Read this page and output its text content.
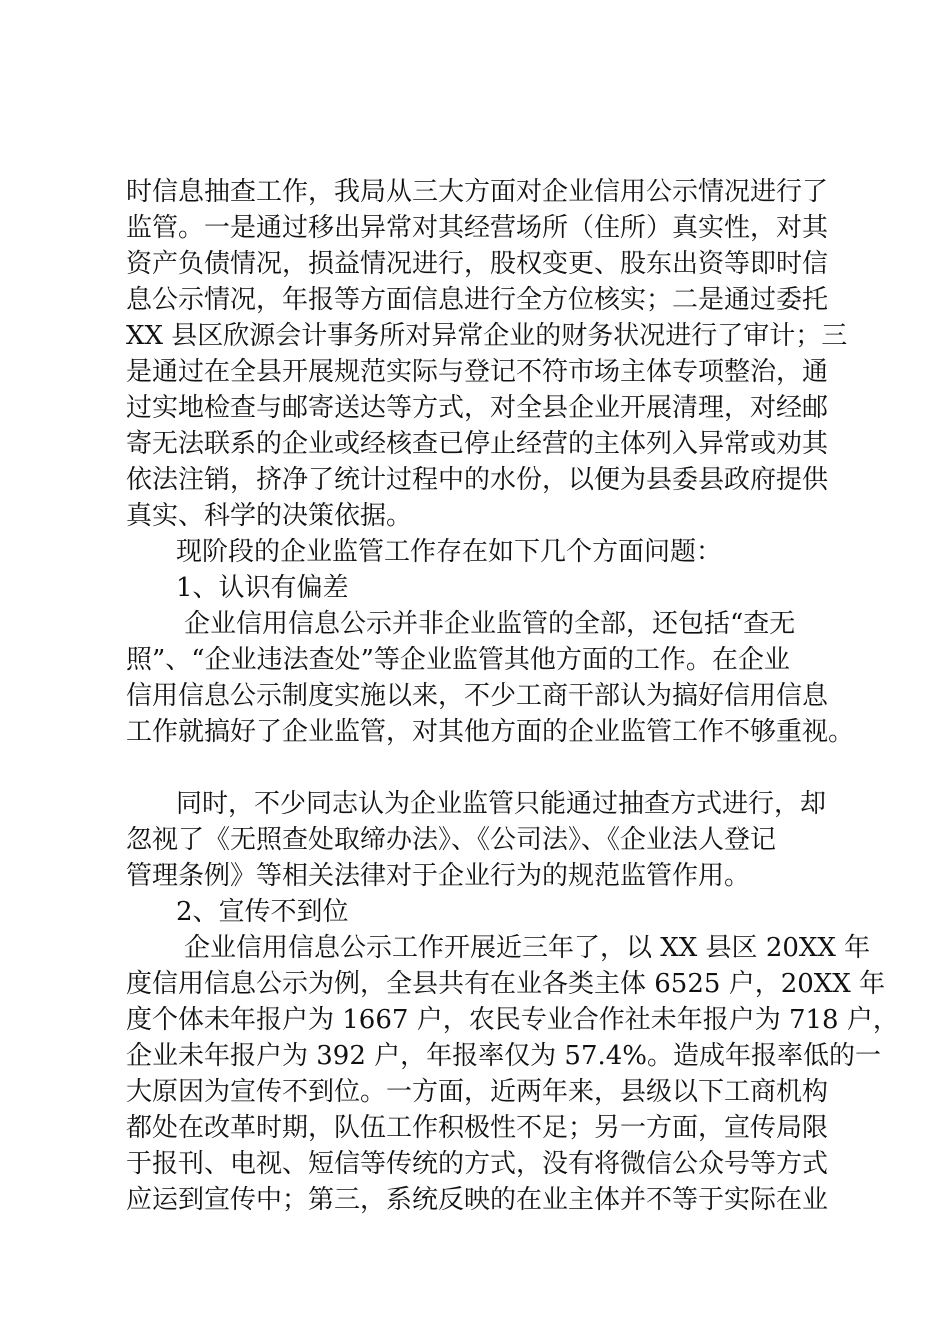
时信息抽查工作，我局从三大方面对企业信用公示情况进行了
监管。一是通过移出异常对其经营场所（住所）真实性，对其
资产负债情况，损益情况进行，股权变更、股东出资等即时信
息公示情况，年报等方面信息进行全方位核实；二是通过委托
XX 县区欣源会计事务所对异常企业的财务状况进行了审计；三
是通过在全县开展规范实际与登记不符市场主体专项整治，通
过实地检查与邮寄送达等方式，对全县企业开展清理，对经邮
寄无法联系的企业或经核查已停止经营的主体列入异常或劝其
依法注销，挤净了统计过程中的水份，以便为县委县政府提供
真实、科学的决策依据。
现阶段的企业监管工作存在如下几个方面问题：
1、认识有偏差
企业信用信息公示并非企业监管的全部，还包括“查无
照”、“企业违法查处”等企业监管其他方面的工作。在企业
信用信息公示制度实施以来，不少工商干部认为搞好信用信息
工作就搞好了企业监管，对其他方面的企业监管工作不够重视。
同时，不少同志认为企业监管只能通过抽查方式进行，却
忽视了《无照查处取缔办法》、《公司法》、《企业法人登记
管理条例》等相关法律对于企业行为的规范监管作用。
2、宣传不到位
企业信用信息公示工作开展近三年了，以 XX 县区 20XX 年
度信用信息公示为例，全县共有在业各类主体 6525 户，20XX 年
度个体未年报户为 1667 户，农民专业合作社未年报户为 718 户，
企业未年报户为 392 户，年报率仅为 57.4%。造成年报率低的一
大原因为宣传不到位。一方面，近两年来，县级以下工商机构
都处在改革时期，队伍工作积极性不足；另一方面，宣传局限
于报刊、电视、短信等传统的方式，没有将微信公众号等方式
应运到宣传中；第三，系统反映的在业主体并不等于实际在业
